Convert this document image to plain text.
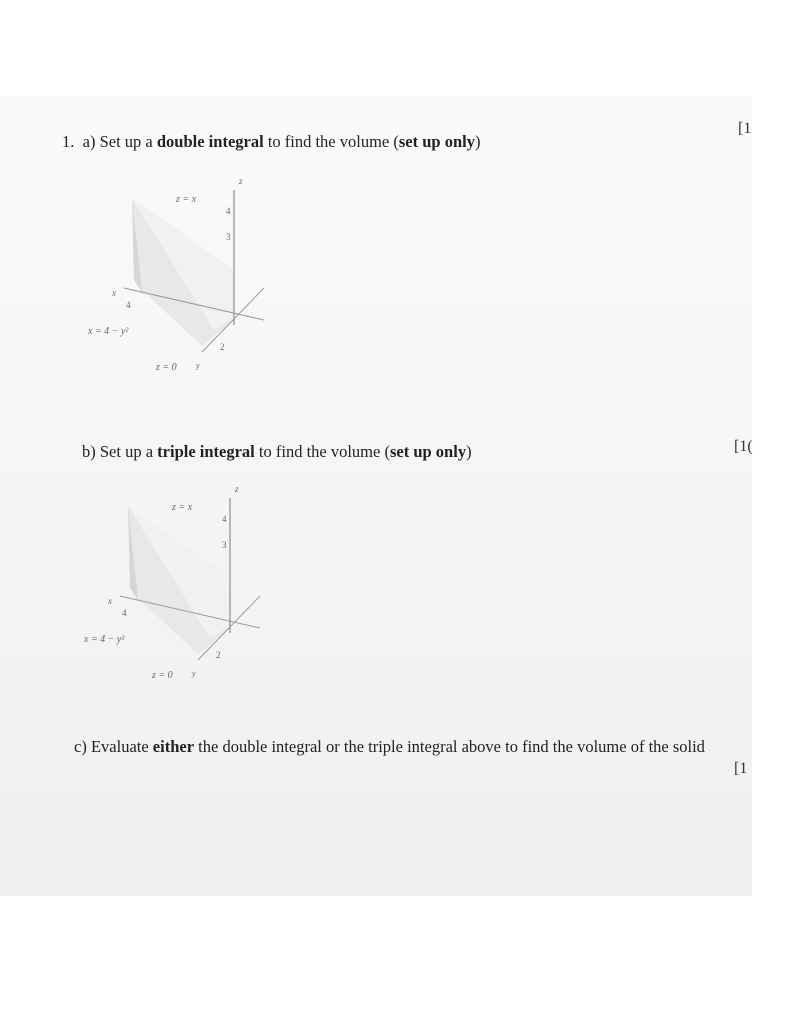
1. a) Set up a double integral to find the volume (set up only)
[1
z
z = x
4
3
x
4
x = 4 − y²
2
z = 0 y
b) Set up a triple integral to find the volume (set up only)	[1(
z
z = x
4
3
x
4
x = 4 − y²
2
z = 0 y
c) Evaluate either the double integral or the triple integral above to find the volume of the solid
[1
